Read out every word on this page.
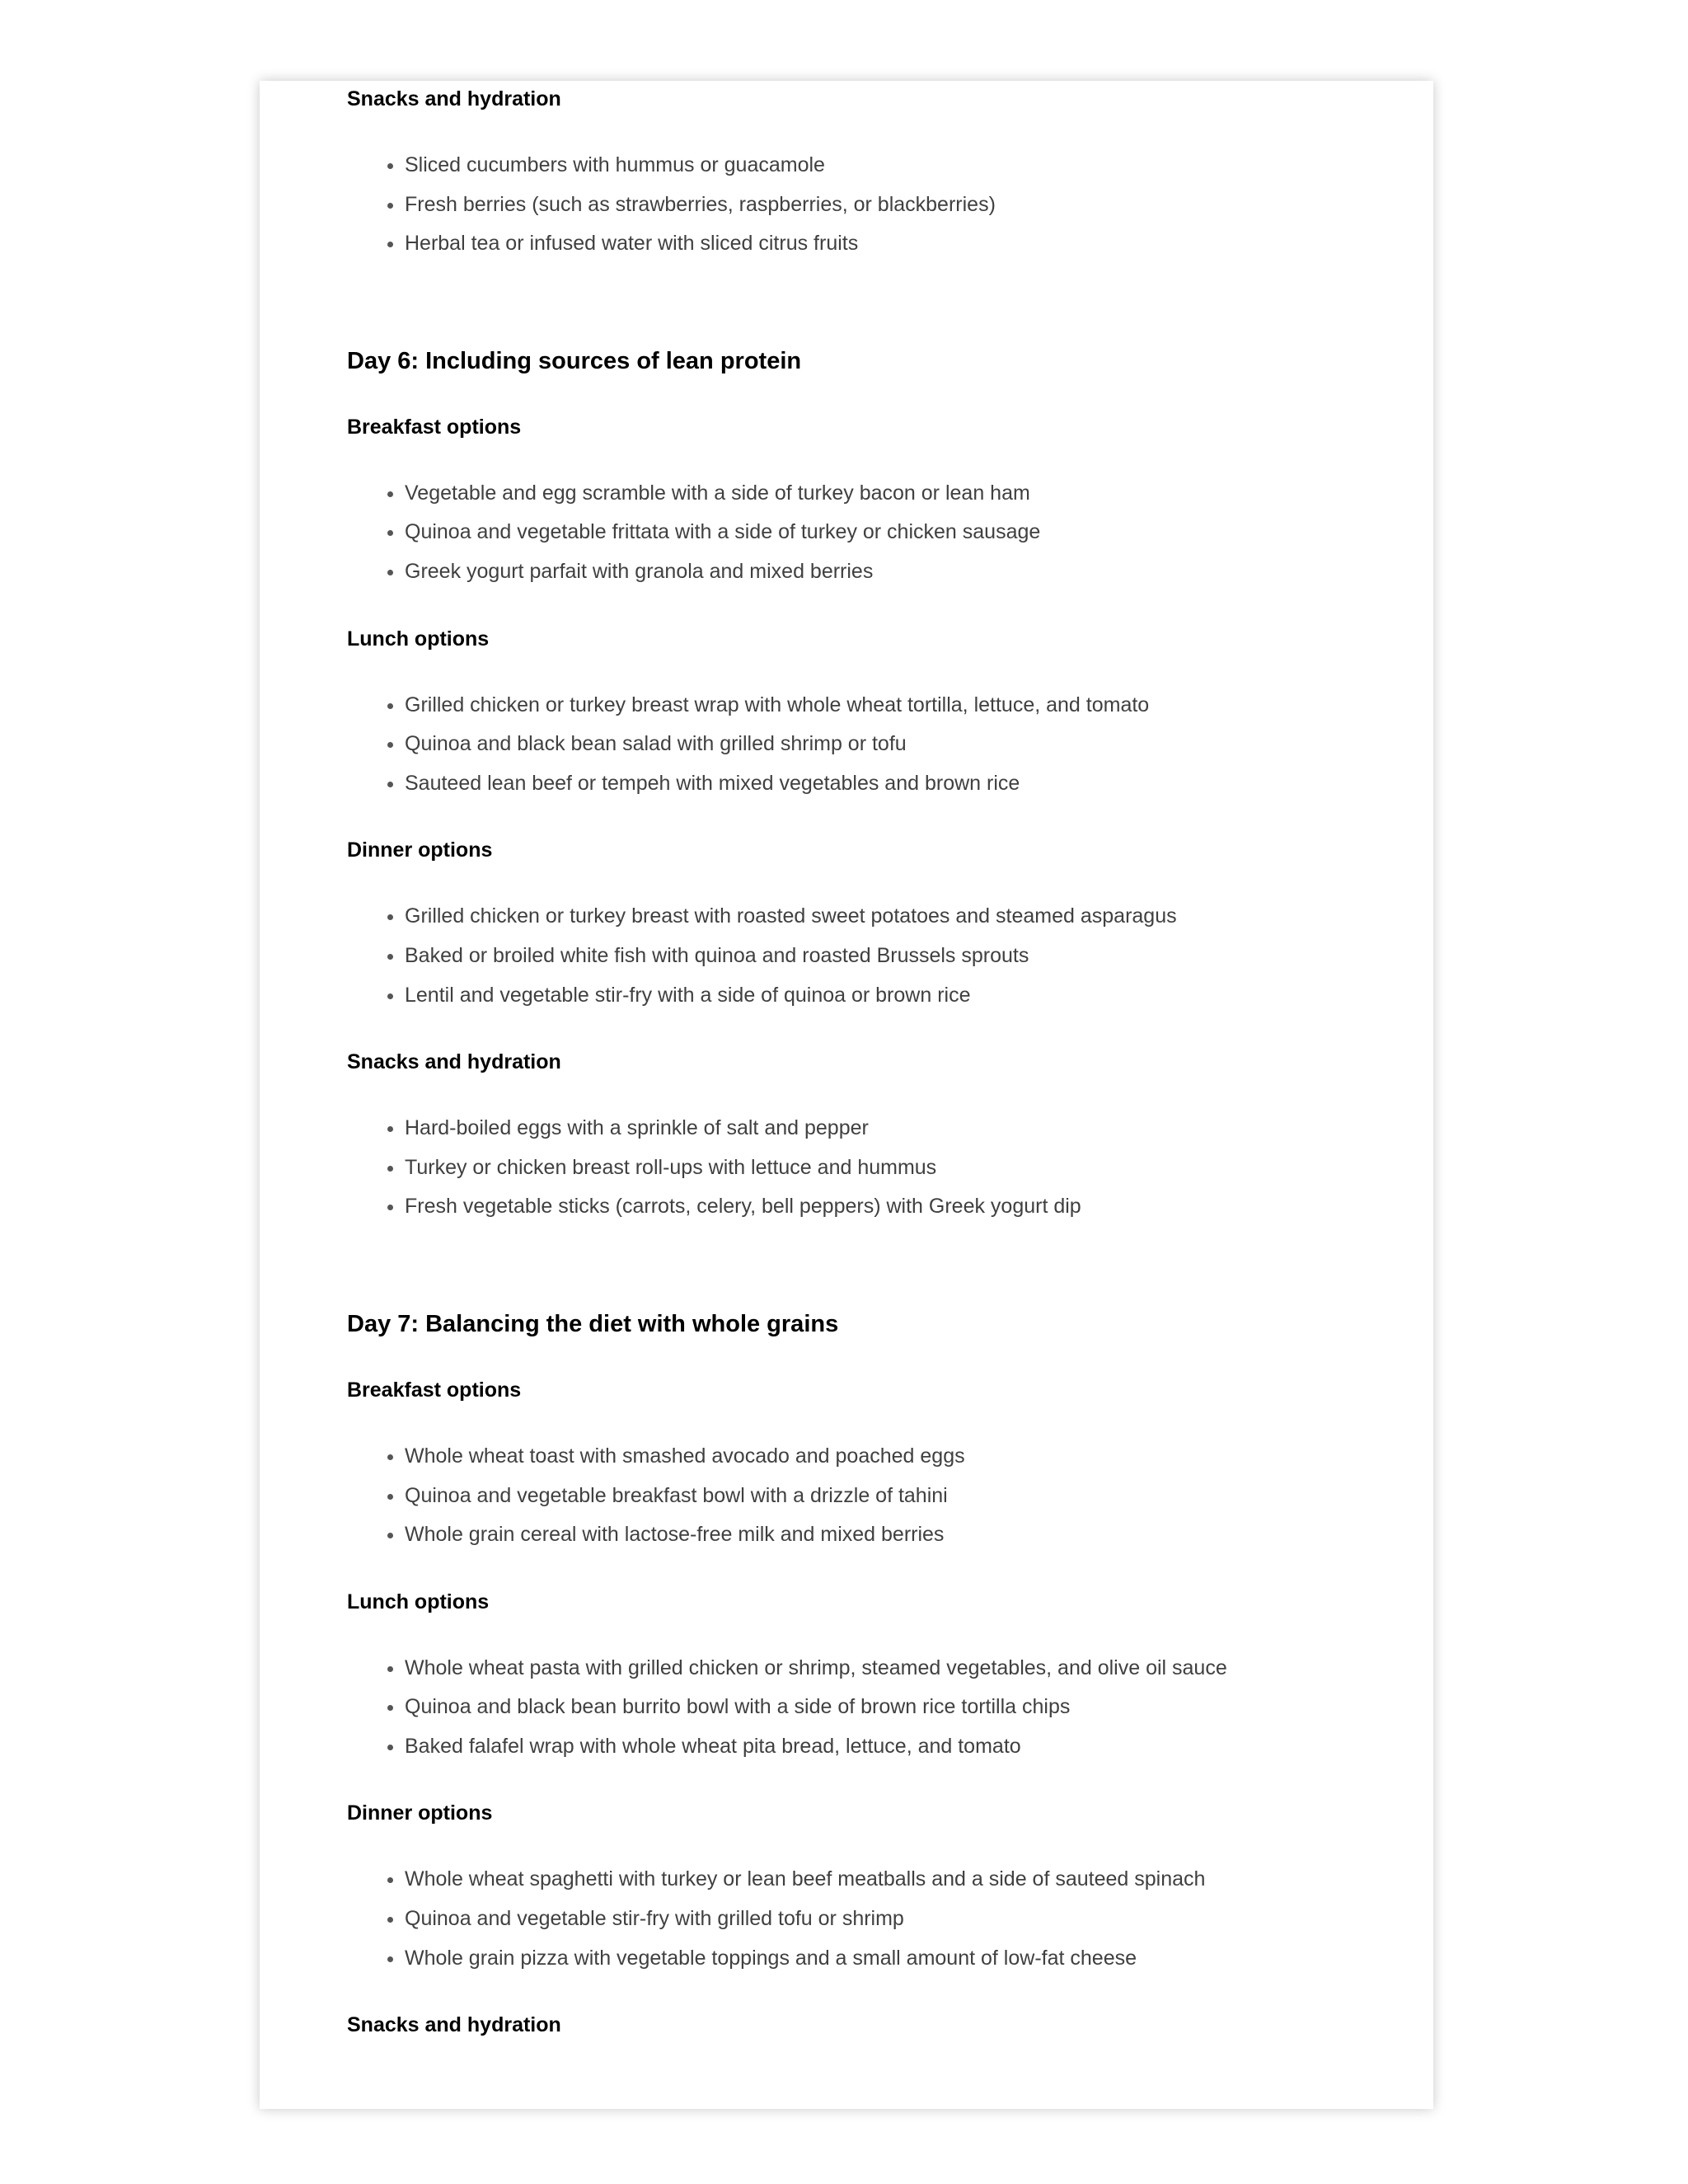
Snacks and hydration
• Sliced cucumbers with hummus or guacamole
• Fresh berries (such as strawberries, raspberries, or blackberries)
• Herbal tea or infused water with sliced citrus fruits
Day 6: Including sources of lean protein
Breakfast options
• Vegetable and egg scramble with a side of turkey bacon or lean ham
• Quinoa and vegetable frittata with a side of turkey or chicken sausage
• Greek yogurt parfait with granola and mixed berries
Lunch options
• Grilled chicken or turkey breast wrap with whole wheat tortilla, lettuce, and tomato
• Quinoa and black bean salad with grilled shrimp or tofu
• Sauteed lean beef or tempeh with mixed vegetables and brown rice
Dinner options
• Grilled chicken or turkey breast with roasted sweet potatoes and steamed asparagus
• Baked or broiled white fish with quinoa and roasted Brussels sprouts
• Lentil and vegetable stir-fry with a side of quinoa or brown rice
Snacks and hydration
• Hard-boiled eggs with a sprinkle of salt and pepper
• Turkey or chicken breast roll-ups with lettuce and hummus
• Fresh vegetable sticks (carrots, celery, bell peppers) with Greek yogurt dip
Day 7: Balancing the diet with whole grains
Breakfast options
• Whole wheat toast with smashed avocado and poached eggs
• Quinoa and vegetable breakfast bowl with a drizzle of tahini
• Whole grain cereal with lactose-free milk and mixed berries
Lunch options
• Whole wheat pasta with grilled chicken or shrimp, steamed vegetables, and olive oil sauce
• Quinoa and black bean burrito bowl with a side of brown rice tortilla chips
• Baked falafel wrap with whole wheat pita bread, lettuce, and tomato
Dinner options
• Whole wheat spaghetti with turkey or lean beef meatballs and a side of sauteed spinach
• Quinoa and vegetable stir-fry with grilled tofu or shrimp
• Whole grain pizza with vegetable toppings and a small amount of low-fat cheese
Snacks and hydration
